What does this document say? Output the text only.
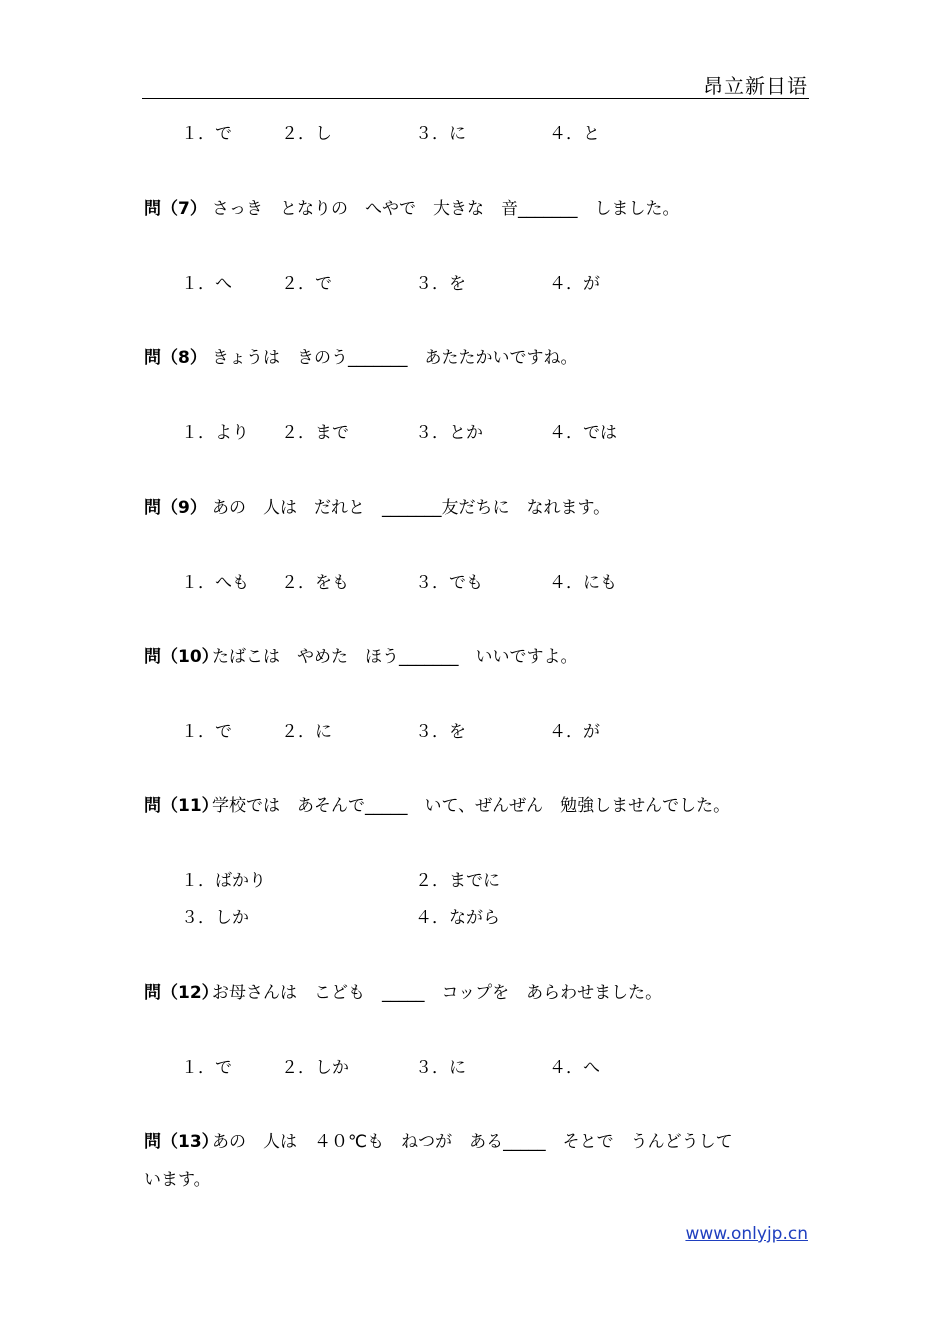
昂立新日语
１．で	２．し	３．に	４．と
問（7） さっき　となりの　へやで　大きな　音_______　しました。
１．へ	２．で	３．を	４．が
問（8） きょうは　きのう_______　あたたかいですね。
１．より ２．まで	３．とか	４．では
問（9） あの　人は　だれと　_______友だちに　なれます。
１．へも ２．をも	３．でも	４．にも
問（10）
たばこは　やめた　ほう_______　いいですよ。
１．で	２．に	３．を	４．が
問（11）
学校では　あそんで_____　いて、ぜんぜん　勉強しませんでした。
１．ばかり	２．までに
３．しか	４．ながら
問（12）
お母さんは　こども　_____　コップを　あらわせました。
１．で	２．しか	３．に	４．へ
問（13）
あの　人は　４０℃も　ねつが　ある_____　そとで　うんどうして
います。
www.onlyjp.cn
